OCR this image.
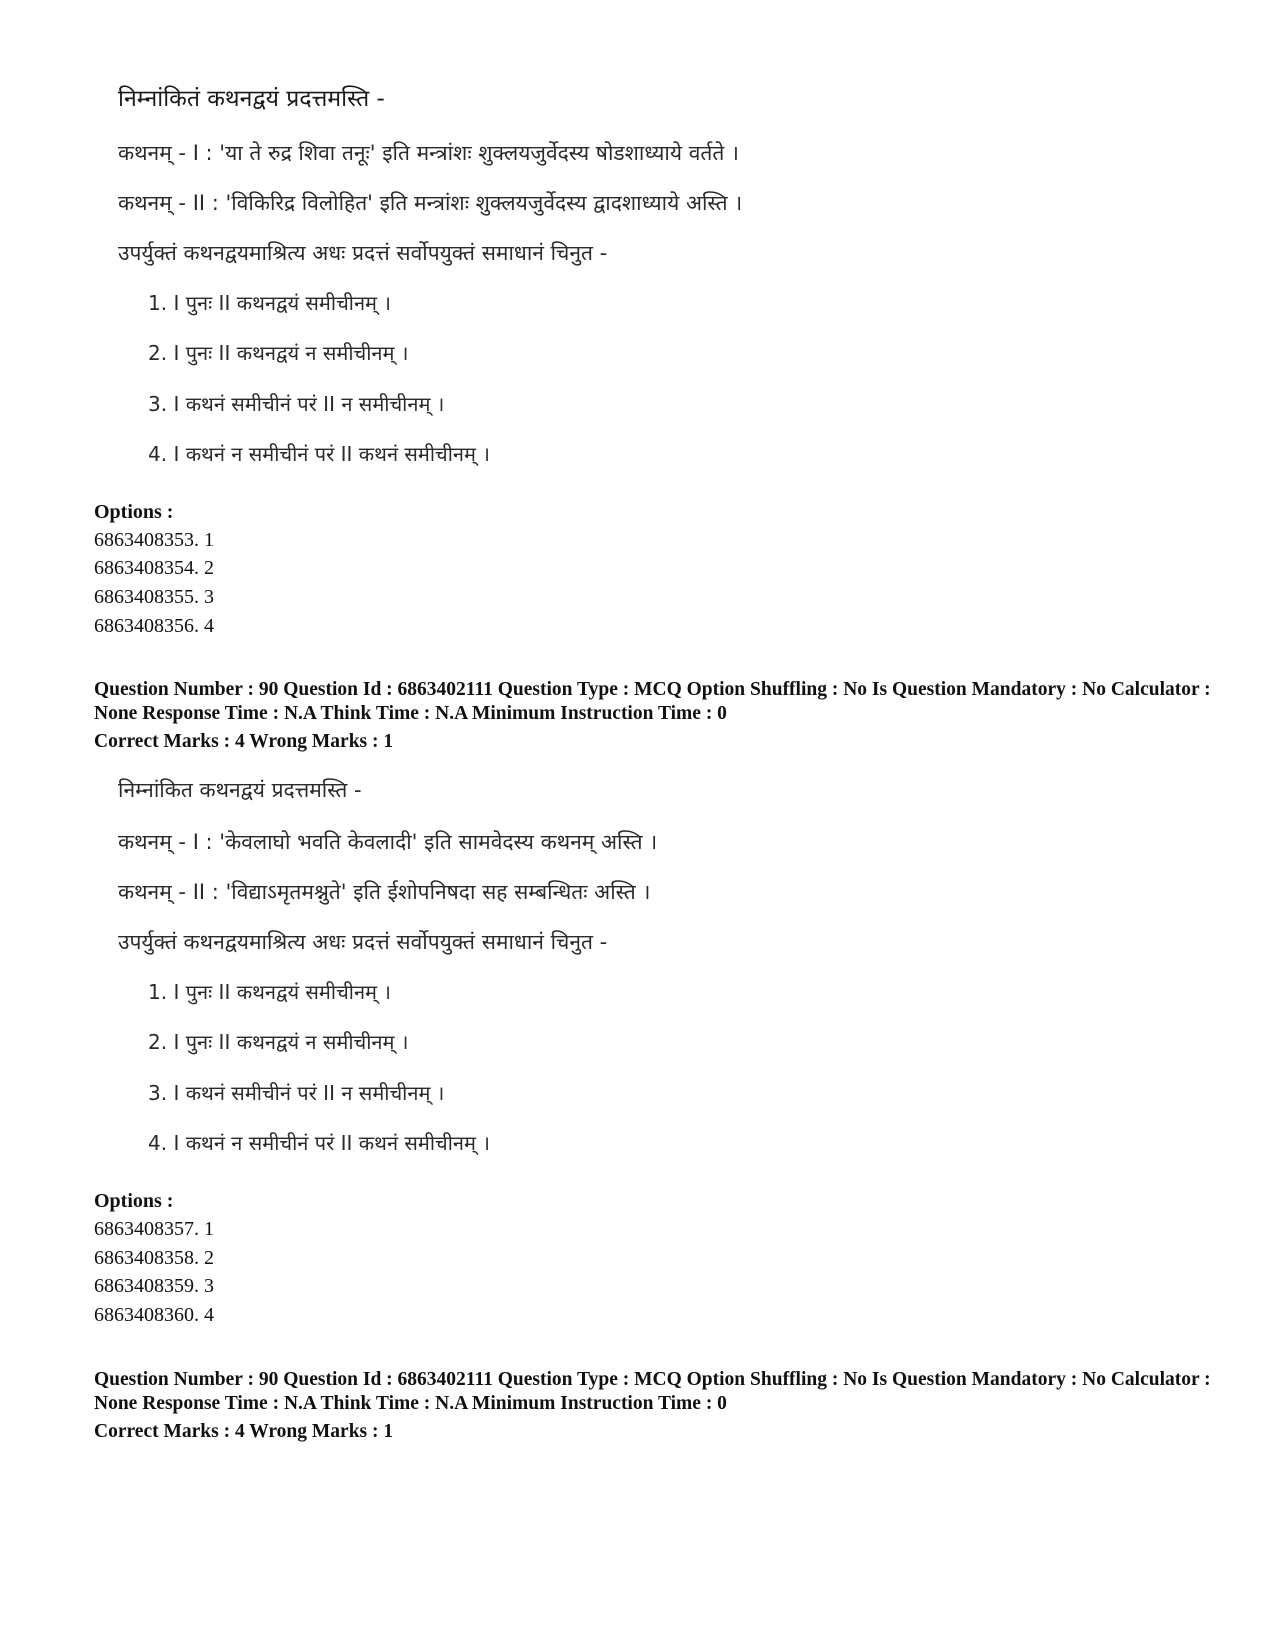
निम्नांकितं कथनद्वयं प्रदत्तमस्ति -
कथनम् - I : 'या ते रुद्र शिवा तनूः' इति मन्त्रांशः शुक्लयजुर्वेदस्य षोडशाध्याये वर्तते ।
कथनम् - II : 'विकिरिद्र विलोहित' इति मन्त्रांशः शुक्लयजुर्वेदस्य द्वादशाध्याये अस्ति ।
उपर्युक्तं कथनद्वयमाश्रित्य अधः प्रदत्तं सर्वोपयुक्तं समाधानं चिनुत -
1. I पुनः II कथनद्वयं समीचीनम् ।
2. I पुनः II कथनद्वयं न समीचीनम् ।
3. I कथनं समीचीनं परं II न समीचीनम् ।
4. I कथनं न समीचीनं परं II कथनं समीचीनम् ।
Options :
6863408353. 1
6863408354. 2
6863408355. 3
6863408356. 4
Question Number : 90 Question Id : 6863402111 Question Type : MCQ Option Shuffling : No Is Question Mandatory : No Calculator : None Response Time : N.A Think Time : N.A Minimum Instruction Time : 0
Correct Marks : 4 Wrong Marks : 1
निम्नांकित कथनद्वयं प्रदत्तमस्ति -
कथनम् - I : 'केवलाघो भवति केवलादी' इति सामवेदस्य कथनम् अस्ति ।
कथनम् - II : 'विद्याऽमृतमश्नुते' इति ईशोपनिषदा सह सम्बन्धितः अस्ति ।
उपर्युक्तं कथनद्वयमाश्रित्य अधः प्रदत्तं सर्वोपयुक्तं समाधानं चिनुत -
1. I पुनः II कथनद्वयं समीचीनम् ।
2. I पुनः II कथनद्वयं न समीचीनम् ।
3. I कथनं समीचीनं परं II न समीचीनम् ।
4. I कथनं न समीचीनं परं II कथनं समीचीनम् ।
Options :
6863408357. 1
6863408358. 2
6863408359. 3
6863408360. 4
Question Number : 90 Question Id : 6863402111 Question Type : MCQ Option Shuffling : No Is Question Mandatory : No Calculator : None Response Time : N.A Think Time : N.A Minimum Instruction Time : 0
Correct Marks : 4 Wrong Marks : 1
